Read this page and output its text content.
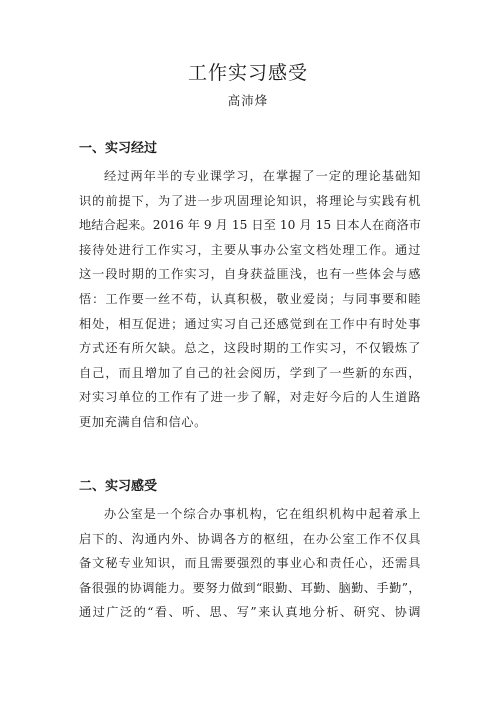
工作实习感受

高沛烽

一、实习经过

经过两年半的专业课学习，在掌握了一定的理论基础知
识的前提下，为了进一步巩固理论知识，将理论与实践有机
地结合起来。2016 年 9 月 15 日至 10 月 15 日本人在商洛市
接待处进行工作实习，主要从事办公室文档处理工作。通过
这一段时期的工作实习，自身获益匪浅，也有一些体会与感
悟：工作要一丝不苟，认真积极，敬业爱岗；与同事要和睦
相处，相互促进；通过实习自己还感觉到在工作中有时处事
方式还有所欠缺。总之，这段时期的工作实习，不仅锻炼了
自己，而且增加了自己的社会阅历，学到了一些新的东西，
对实习单位的工作有了进一步了解，对走好今后的人生道路
更加充满自信和信心。

二、实习感受

办公室是一个综合办事机构，它在组织机构中起着承上
启下的、沟通内外、协调各方的枢纽，在办公室工作不仅具
备文秘专业知识，而且需要强烈的事业心和责任心，还需具
备很强的协调能力。要努力做到“眼勤、耳勤、脑勤、手勤”，
通过广泛的“看、听、思、写”来认真地分析、研究、协调
